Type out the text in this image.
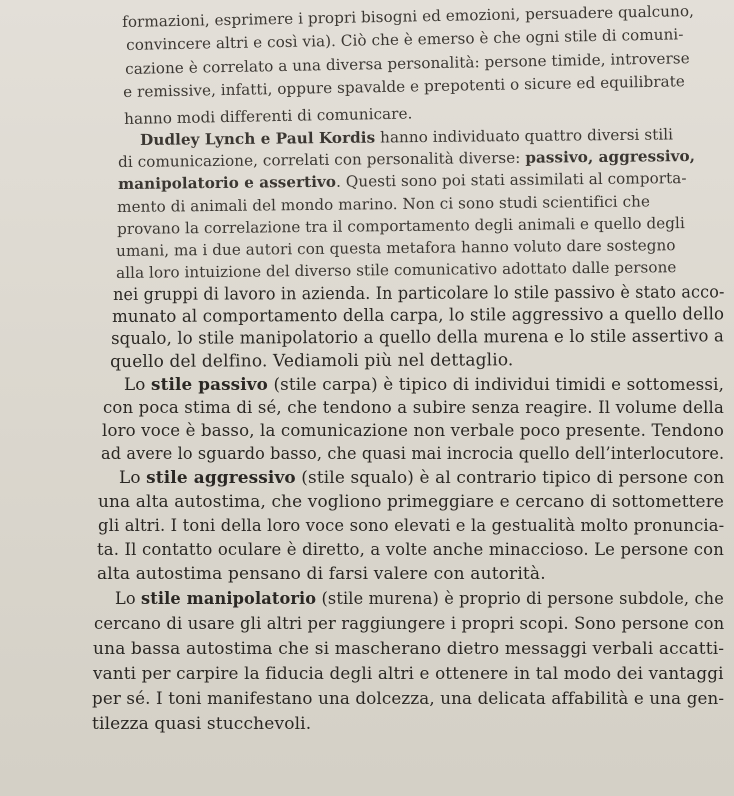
formazioni, esprimere i propri bisogni ed emozioni, persuadere qualcuno,
convincere altri e così via). Ciò che è emerso è che ogni stile di comuni-
cazione è correlato a una diversa personalità: persone timide, introverse
e remissive, infatti, oppure spavalde e prepotenti o sicure ed equilibrate
hanno modi differenti di comunicare.
Dudley Lynch e Paul Kordis hanno individuato quattro diversi stili
di comunicazione, correlati con personalità diverse: passivo, aggressivo,
manipolatorio e assertivo. Questi sono poi stati assimilati al comporta-
mento di animali del mondo marino. Non ci sono studi scientifici che
provano la correlazione tra il comportamento degli animali e quello degli
umani, ma i due autori con questa metafora hanno voluto dare sostegno
alla loro intuizione del diverso stile comunicativo adottato dalle persone
nei gruppi di lavoro in azienda. In particolare lo stile passivo è stato acco-
munato al comportamento della carpa, lo stile aggressivo a quello dello
squalo, lo stile manipolatorio a quello della murena e lo stile assertivo a
quello del delfino. Vediamoli più nel dettaglio.
Lo stile passivo (stile carpa) è tipico di individui timidi e sottomessi,
con poca stima di sé, che tendono a subire senza reagire. Il volume della
loro voce è basso, la comunicazione non verbale poco presente. Tendono
ad avere lo sguardo basso, che quasi mai incrocia quello dell’interlocutore.
Lo stile aggressivo (stile squalo) è al contrario tipico di persone con
una alta autostima, che vogliono primeggiare e cercano di sottomettere
gli altri. I toni della loro voce sono elevati e la gestualità molto pronuncia-
ta. Il contatto oculare è diretto, a volte anche minaccioso. Le persone con
alta autostima pensano di farsi valere con autorità.
Lo stile manipolatorio (stile murena) è proprio di persone subdole, che
cercano di usare gli altri per raggiungere i propri scopi. Sono persone con
una bassa autostima che si mascherano dietro messaggi verbali accatti-
vanti per carpire la fiducia degli altri e ottenere in tal modo dei vantaggi
per sé. I toni manifestano una dolcezza, una delicata affabilità e una gen-
tilezza quasi stucchevoli.
